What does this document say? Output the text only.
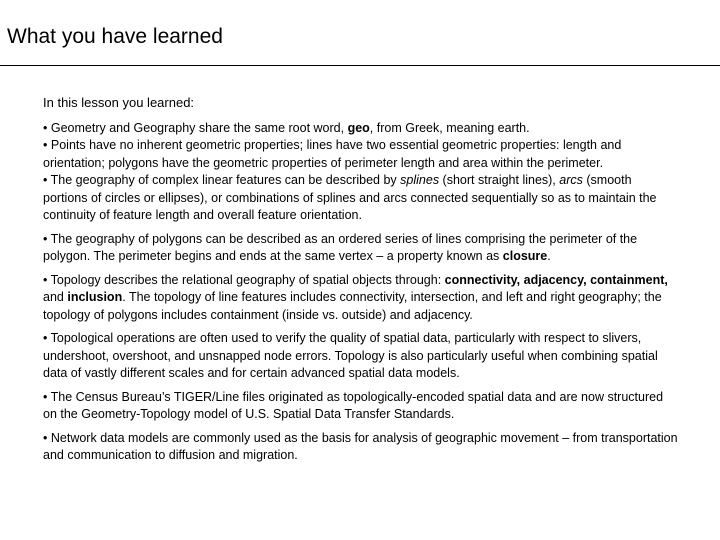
What you have learned

In this lesson you learned:

• Geometry and Geography share the same root word, geo, from Greek, meaning earth.

• Points have no inherent geometric properties; lines have two essential geometric properties: length and orientation; polygons have the geometric properties of perimeter length and area within the perimeter.

• The geography of complex linear features can be described by splines (short straight lines), arcs (smooth portions of circles or ellipses), or combinations of splines and arcs connected sequentially so as to maintain the continuity of feature length and overall feature orientation.

• The geography of polygons can be described as an ordered series of lines comprising the perimeter of the polygon. The perimeter begins and ends at the same vertex – a property known as closure.

• Topology describes the relational geography of spatial objects through: connectivity, adjacency, containment, and inclusion. The topology of line features includes connectivity, intersection, and left and right geography; the topology of polygons includes containment (inside vs. outside) and adjacency.

• Topological operations are often used to verify the quality of spatial data, particularly with respect to slivers, undershoot, overshoot, and unsnapped node errors. Topology is also particularly useful when combining spatial data of vastly different scales and for certain advanced spatial data models.

• The Census Bureau’s TIGER/Line files originated as topologically-encoded spatial data and are now structured on the Geometry-Topology model of U.S. Spatial Data Transfer Standards.

• Network data models are commonly used as the basis for analysis of geographic movement – from transportation and communication to diffusion and migration.
